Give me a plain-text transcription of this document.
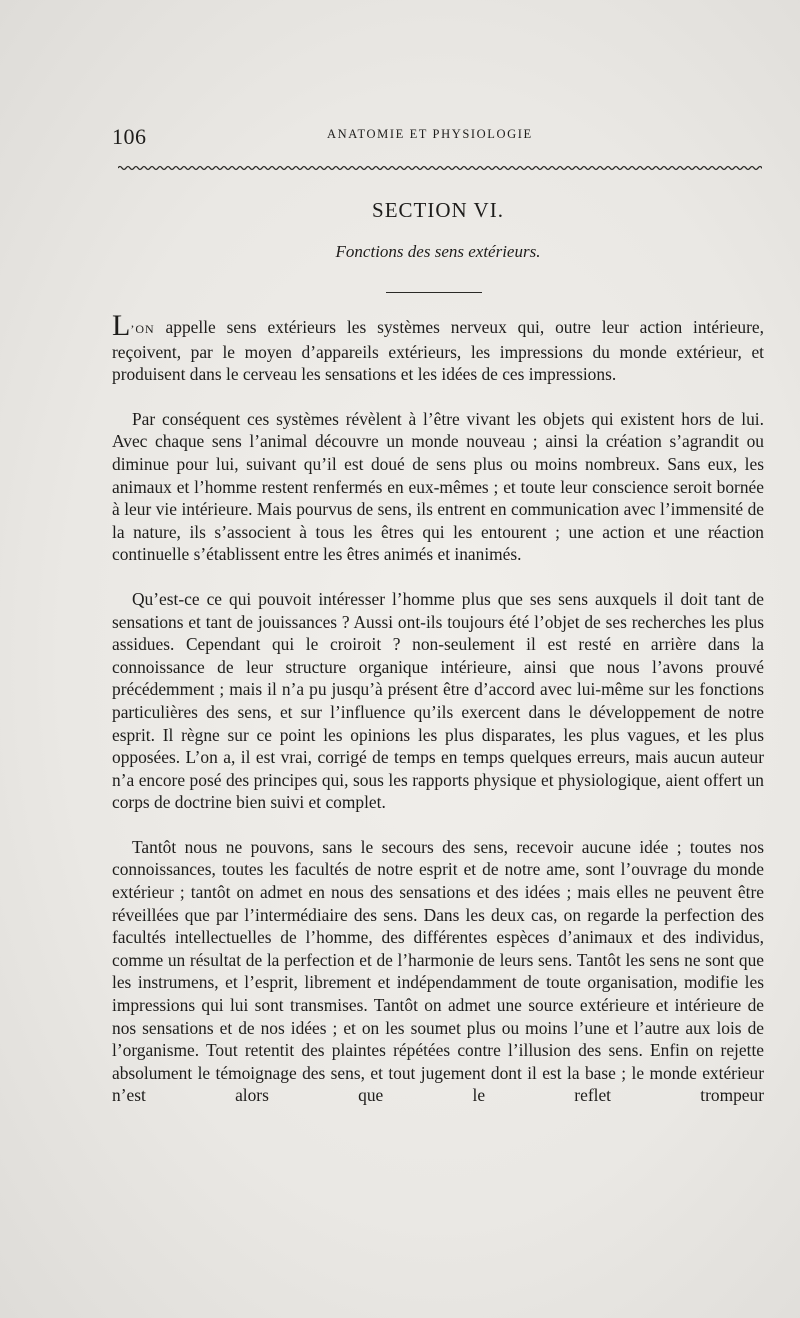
106	ANATOMIE ET PHYSIOLOGIE
SECTION VI.
Fonctions des sens extérieurs.

L’ON appelle sens extérieurs les systèmes nerveux qui, outre leur action intérieure, reçoivent, par le moyen d’appareils extérieurs, les impressions du monde extérieur, et produisent dans le cerveau les sensations et les idées de ces impressions.

Par conséquent ces systèmes révèlent à l’être vivant les objets qui existent hors de lui. Avec chaque sens l’animal découvre un monde nouveau ; ainsi la création s’agrandit ou diminue pour lui, suivant qu’il est doué de sens plus ou moins nombreux. Sans eux, les animaux et l’homme restent renfermés en eux-mêmes ; et toute leur conscience seroit bornée à leur vie intérieure. Mais pourvus de sens, ils entrent en communication avec l’immensité de la nature, ils s’associent à tous les êtres qui les entourent ; une action et une réaction continuelle s’établissent entre les êtres animés et inanimés.

Qu’est-ce ce qui pouvoit intéresser l’homme plus que ses sens auxquels il doit tant de sensations et tant de jouissances ? Aussi ont-ils toujours été l’objet de ses recherches les plus assidues. Cependant qui le croiroit ? non-seulement il est resté en arrière dans la connoissance de leur structure organique intérieure, ainsi que nous l’avons prouvé précédemment ; mais il n’a pu jusqu’à présent être d’accord avec lui-même sur les fonctions particulières des sens, et sur l’influence qu’ils exercent dans le développement de notre esprit. Il règne sur ce point les opinions les plus disparates, les plus vagues, et les plus opposées. L’on a, il est vrai, corrigé de temps en temps quelques erreurs, mais aucun auteur n’a encore posé des principes qui, sous les rapports physique et physiologique, aient offert un corps de doctrine bien suivi et complet.

Tantôt nous ne pouvons, sans le secours des sens, recevoir aucune idée ; toutes nos connoissances, toutes les facultés de notre esprit et de notre ame, sont l’ouvrage du monde extérieur ; tantôt on admet en nous des sensations et des idées ; mais elles ne peuvent être réveillées que par l’intermédiaire des sens. Dans les deux cas, on regarde la perfection des facultés intellectuelles de l’homme, des différentes espèces d’animaux et des individus, comme un résultat de la perfection et de l’harmonie de leurs sens. Tantôt les sens ne sont que les instrumens, et l’esprit, librement et indépendamment de toute organisation, modifie les impressions qui lui sont transmises. Tantôt on admet une source extérieure et intérieure de nos sensations et de nos idées ; et on les soumet plus ou moins l’une et l’autre aux lois de l’organisme. Tout retentit des plaintes répétées contre l’illusion des sens. Enfin on rejette absolument le témoignage des sens, et tout jugement dont il est la base ; le monde extérieur n’est alors que le reflet trompeur
